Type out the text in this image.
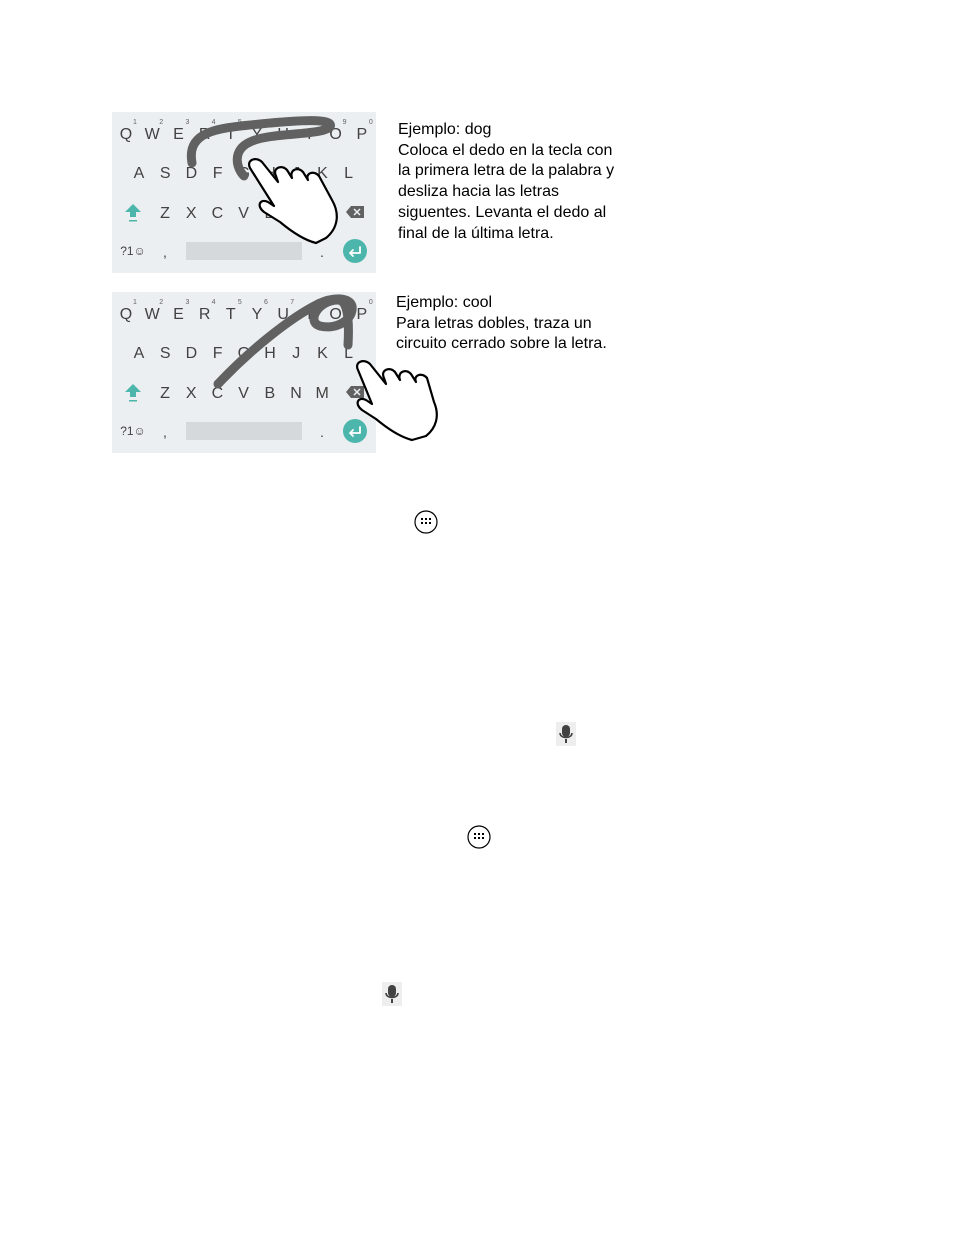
Q
1
W
2
E
3
R
4
T
5
Y
6
U
7
I
8
O
9
P
0
A S D F G	K L
Z X C V
?1☺ ,	.
Ejemplo: dog
Coloca el dedo en la tecla con
la primera letra de la palabra y
desliza hacia las letras
siguentes. Levanta el dedo al
final de la última letra.
Q
1
W
2
E
3
R
4
T
5
Y
6
U
7
I
8
O
9
P
0
A S D F G H J K L
Z X C V B N M
?1☺ ,	.
Ejemplo: cool
Para letras dobles, traza un
circuito cerrado sobre la letra.
